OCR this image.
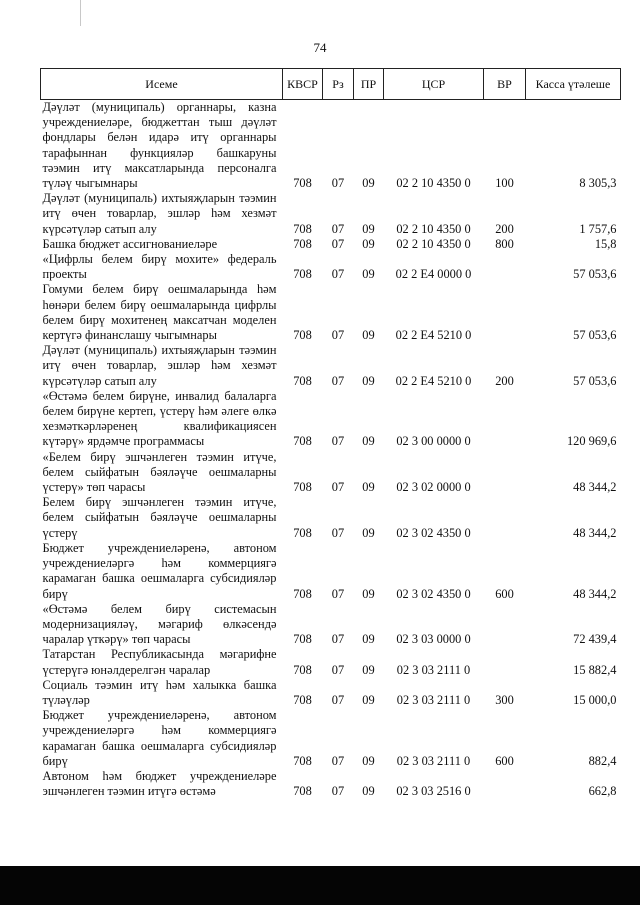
74
Исеме	КВСР	Рз	ПР	ЦСР	ВР	Касса үтәлеше
Дәүләт (муниципаль) органнары, казна учреждениеләре, бюджеттан тыш дәүләт фондлары белән идарә итү органнары тарафыннан функцияләр башкаруны тәэмин итү максатларында персоналга түләү чыгымнары	708	07	09	02 2 10 4350 0	100	8 305,3
Дәүләт (муниципаль) ихтыяҗларын тәэмин итү өчен товарлар, эшләр һәм хезмәт күрсәтүләр сатып алу	708	07	09	02 2 10 4350 0	200	1 757,6
Башка бюджет ассигнованиеләре	708	07	09	02 2 10 4350 0	800	15,8
«Цифрлы белем бирү мохите» федераль проекты	708	07	09	02 2 E4 0000 0		57 053,6
Гомуми белем бирү оешмаларында һәм һөнәри белем бирү оешмаларында цифрлы белем бирү мохитенең максатчан моделен кертүгә финанслашу чыгымнары	708	07	09	02 2 E4 5210 0		57 053,6
Дәүләт (муниципаль) ихтыяҗларын тәэмин итү өчен товарлар, эшләр һәм хезмәт күрсәтүләр сатып алу	708	07	09	02 2 E4 5210 0	200	57 053,6
«Өстәмә белем бирүне, инвалид балаларга белем бирүне кертеп, үстерү һәм әлеге өлкә хезмәткәрләренең квалификациясен күтәрү» ярдәмче программасы	708	07	09	02 3 00 0000 0		120 969,6
«Белем бирү эшчәнлеген тәэмин итүче, белем сыйфатын бәяләүче оешмаларны үстерү» төп чарасы	708	07	09	02 3 02 0000 0		48 344,2
Белем бирү эшчәнлеген тәэмин итүче, белем сыйфатын бәяләүче оешмаларны үстерү	708	07	09	02 3 02 4350 0		48 344,2
Бюджет учреждениеләренә, автоном учреждениеләргә һәм коммерциягә карамаган башка оешмаларга субсидияләр бирү	708	07	09	02 3 02 4350 0	600	48 344,2
«Өстәмә белем бирү системасын модернизацияләү, мәгариф өлкәсендә чаралар үткәрү» төп чарасы	708	07	09	02 3 03 0000 0		72 439,4
Татарстан Республикасында мәгарифне үстерүгә юнәлдерелгән чаралар	708	07	09	02 3 03 2111 0		15 882,4
Социаль тәэмин итү һәм халыкка башка түләүләр	708	07	09	02 3 03 2111 0	300	15 000,0
Бюджет учреждениеләренә, автоном учреждениеләргә һәм коммерциягә карамаган башка оешмаларга субсидияләр бирү	708	07	09	02 3 03 2111 0	600	882,4
Автоном һәм бюджет учреждениеләре эшчәнлеген тәэмин итүгә өстәмә	708	07	09	02 3 03 2516 0		662,8
